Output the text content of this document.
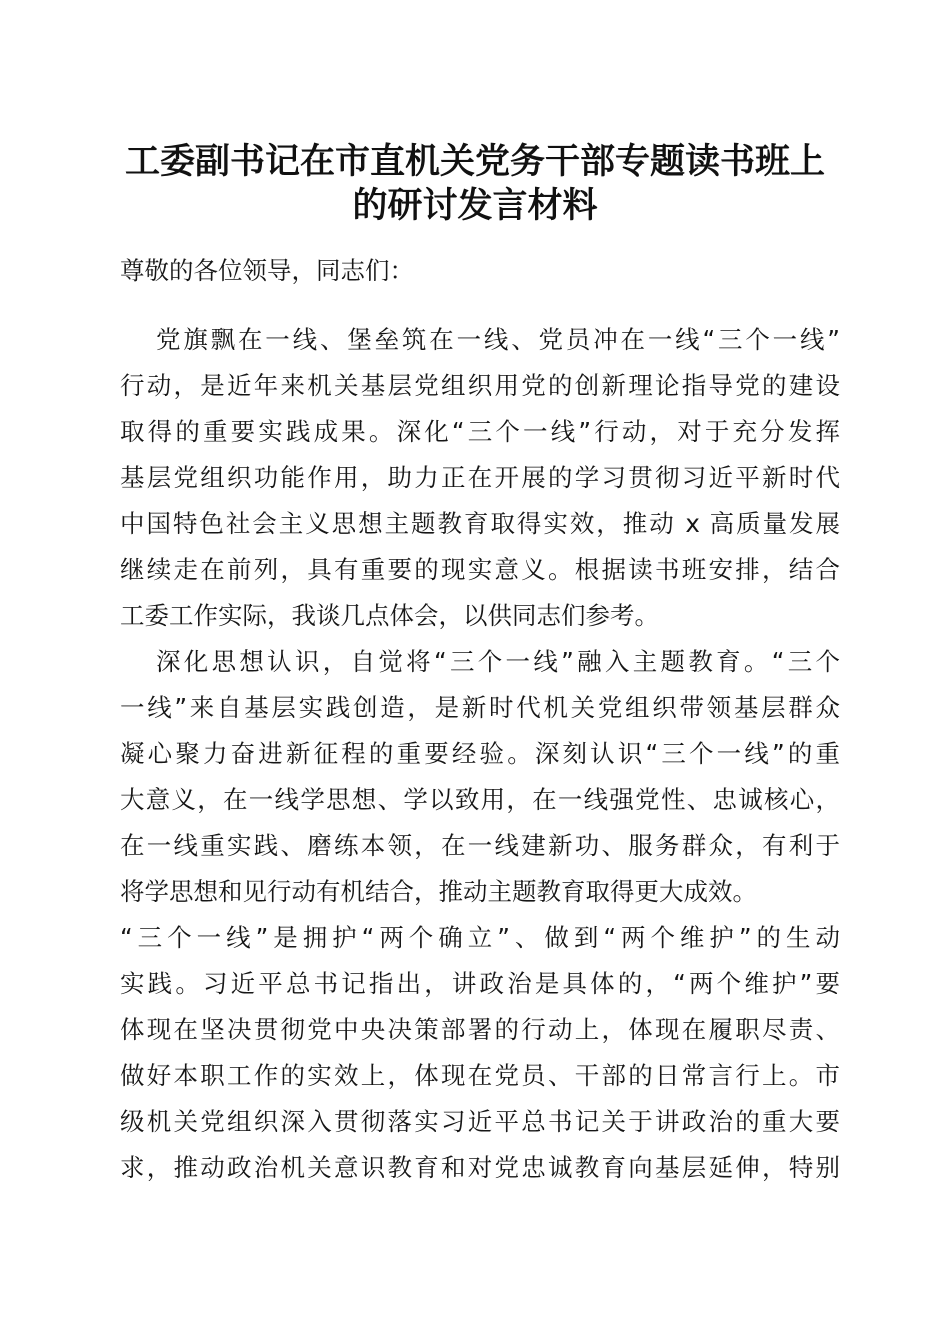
工委副书记在市直机关党务干部专题读书班上
的研讨发言材料
尊敬的各位领导，同志们：
党旗飘在一线、堡垒筑在一线、党员冲在一线“三个一线”
行动，是近年来机关基层党组织用党的创新理论指导党的建设
取得的重要实践成果。深化“三个一线”行动，对于充分发挥
基层党组织功能作用，助力正在开展的学习贯彻习近平新时代
中国特色社会主义思想主题教育取得实效，推动 x 高质量发展
继续走在前列，具有重要的现实意义。根据读书班安排，结合
工委工作实际，我谈几点体会，以供同志们参考。
深化思想认识，自觉将“三个一线”融入主题教育。“三个
一线”来自基层实践创造，是新时代机关党组织带领基层群众
凝心聚力奋进新征程的重要经验。深刻认识“三个一线”的重
大意义，在一线学思想、学以致用，在一线强党性、忠诚核心，
在一线重实践、磨练本领，在一线建新功、服务群众，有利于
将学思想和见行动有机结合，推动主题教育取得更大成效。
“三个一线”是拥护“两个确立”、做到“两个维护”的生动
实践。习近平总书记指出，讲政治是具体的，“两个维护”要
体现在坚决贯彻党中央决策部署的行动上，体现在履职尽责、
做好本职工作的实效上，体现在党员、干部的日常言行上。市
级机关党组织深入贯彻落实习近平总书记关于讲政治的重大要
求，推动政治机关意识教育和对党忠诚教育向基层延伸，特别
